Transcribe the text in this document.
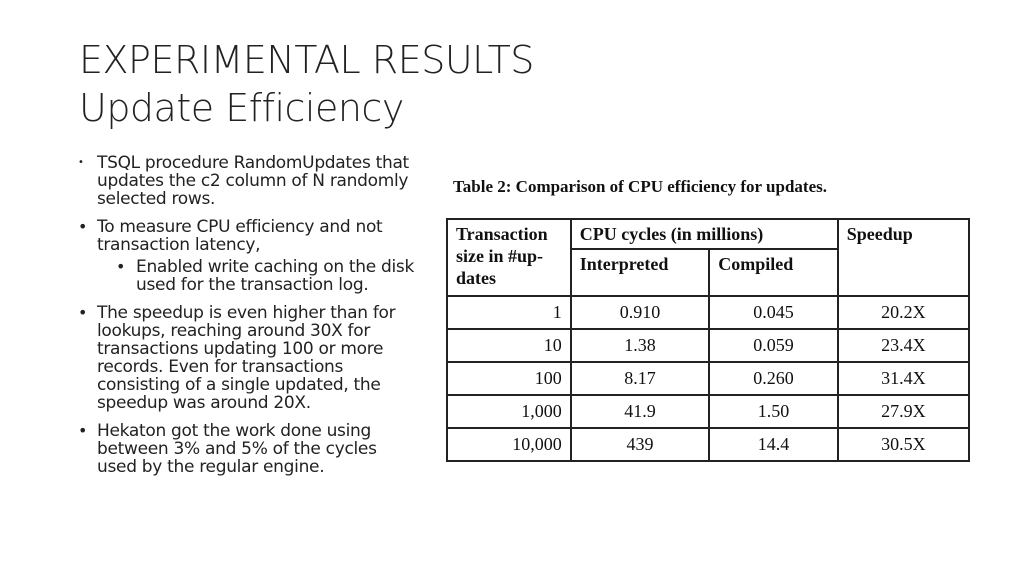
EXPERIMENTAL RESULTS
Update Efficiency
• TSQL procedure RandomUpdates that updates the c2 column of N randomly selected rows.
• To measure CPU efficiency and not transaction latency,
• Enabled write caching on the disk used for the transaction log.
• The speedup is even higher than for lookups, reaching around 30X for transactions updating 100 or more records. Even for transactions consisting of a single updated, the speedup was around 20X.
• Hekaton got the work done using between 3% and 5% of the cycles used by the regular engine.
Table 2: Comparison of CPU efficiency for updates.
Transaction size in #up-dates	CPU cycles (in millions)		Speedup
	Interpreted	Compiled	
1	0.910	0.045	20.2X
10	1.38	0.059	23.4X
100	8.17	0.260	31.4X
1,000	41.9	1.50	27.9X
10,000	439	14.4	30.5X
